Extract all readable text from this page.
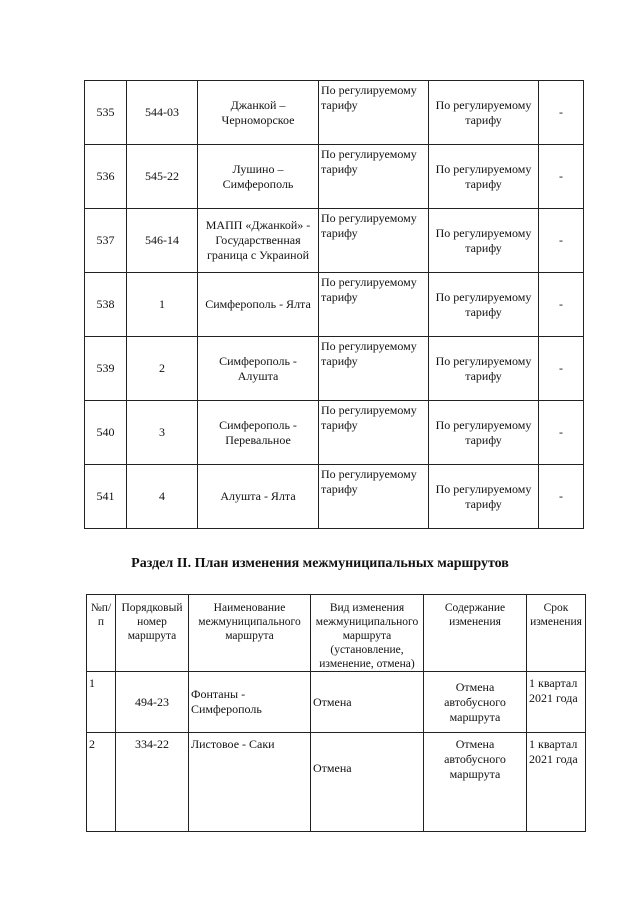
535	544-03	Джанкой – Черноморское	По регулируемому тарифу	По регулируемому тарифу	-
536	545-22	Лушино – Симферополь	По регулируемому тарифу	По регулируемому тарифу	-
537	546-14	МАПП «Джанкой» - Государственная граница с Украиной	По регулируемому тарифу	По регулируемому тарифу	-
538	1	Симферополь - Ялта	По регулируемому тарифу	По регулируемому тарифу	-
539	2	Симферополь - Алушта	По регулируемому тарифу	По регулируемому тарифу	-
540	3	Симферополь - Перевальное	По регулируемому тарифу	По регулируемому тарифу	-
541	4	Алушта - Ялта	По регулируемому тарифу	По регулируемому тарифу	-
Раздел II. План изменения межмуниципальных маршрутов
№п/п	Порядковый номер маршрута	Наименование межмуниципального маршрута	Вид изменения межмуниципального маршрута (установление, изменение, отмена)	Содержание изменения	Срок изменения
1	494-23	Фонтаны - Симферополь	Отмена	Отмена автобусного маршрута	1 квартал 2021 года
2	334-22	Листовое - Саки	Отмена	Отмена автобусного маршрута	1 квартал 2021 года
